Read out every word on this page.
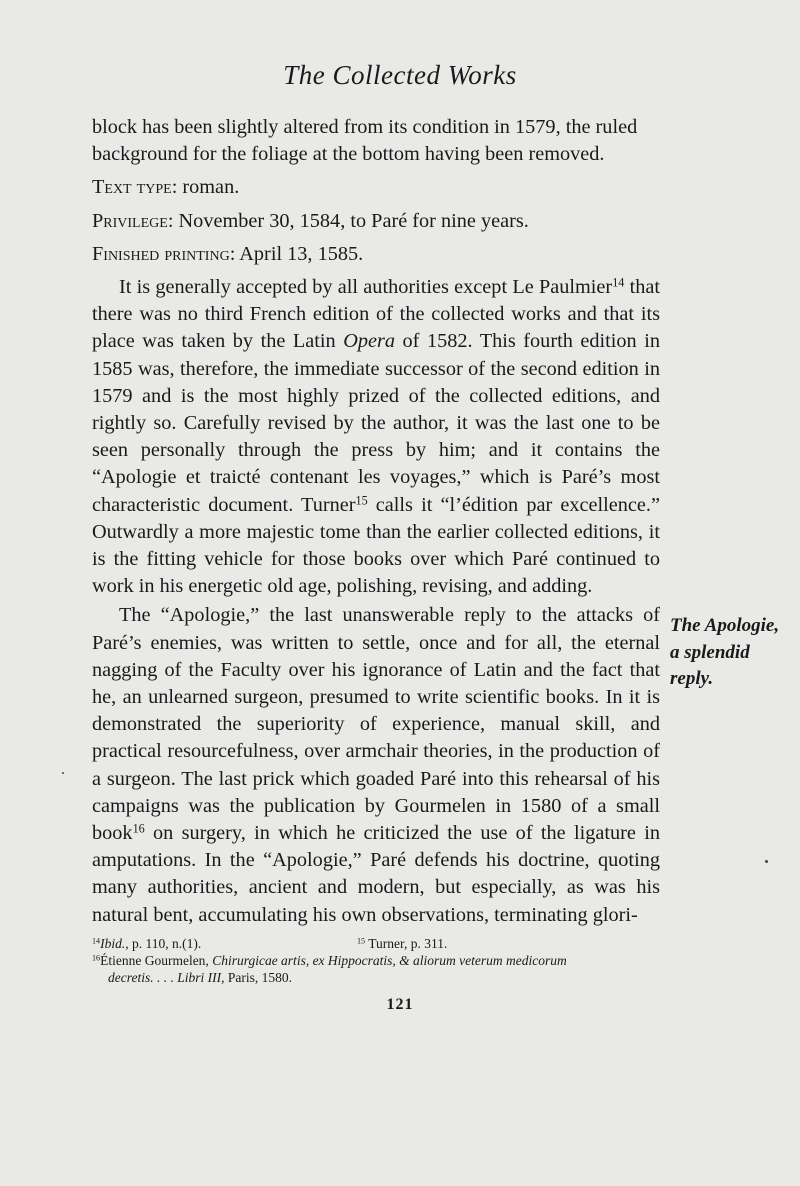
The Collected Works

block has been slightly altered from its condition in 1579, the ruled background for the foliage at the bottom having been removed.

Text type: roman.

Privilege: November 30, 1584, to Paré for nine years.

Finished printing: April 13, 1585.

It is generally accepted by all authorities except Le Paulmier$^{14}$ that there was no third French edition of the collected works and that its place was taken by the Latin Opera of 1582. This fourth edition in 1585 was, therefore, the immediate successor of the second edition in 1579 and is the most highly prized of the collected editions, and rightly so. Carefully revised by the author, it was the last one to be seen personally through the press by him; and it contains the “Apologie et traicté contenant les voyages,” which is Paré’s most characteristic document. Turner$^{15}$ calls it “l’édition par excellence.” Outwardly a more majestic tome than the earlier collected editions, it is the fitting vehicle for those books over which Paré continued to work in his energetic old age, polishing, revising, and adding.

The “Apologie,” the last unanswerable reply to the attacks of Paré’s enemies, was written to settle, once and for all, the eternal nagging of the Faculty over his ignorance of Latin and the fact that he, an unlearned surgeon, presumed to write scientific books. In it is demonstrated the superiority of experience, manual skill, and practical resourcefulness, over armchair theories, in the production of a surgeon. The last prick which goaded Paré into this rehearsal of his campaigns was the publication by Gourmelen in 1580 of a small book$^{16}$ on surgery, in which he criticized the use of the ligature in amputations. In the “Apologie,” Paré defends his doctrine, quoting many authorities, ancient and modern, but especially, as was his natural bent, accumulating his own observations, terminating glori-

The Apologie,
a splendid
reply.
$^{14}$Ibid., p. 110, n.(1).	$^{15}$ Turner, p. 311.
$^{16}$Étienne Gourmelen, Chirurgicae artis, ex Hippocratis, & aliorum veterum medicorum
decretis. . . . Libri III, Paris, 1580.
121
